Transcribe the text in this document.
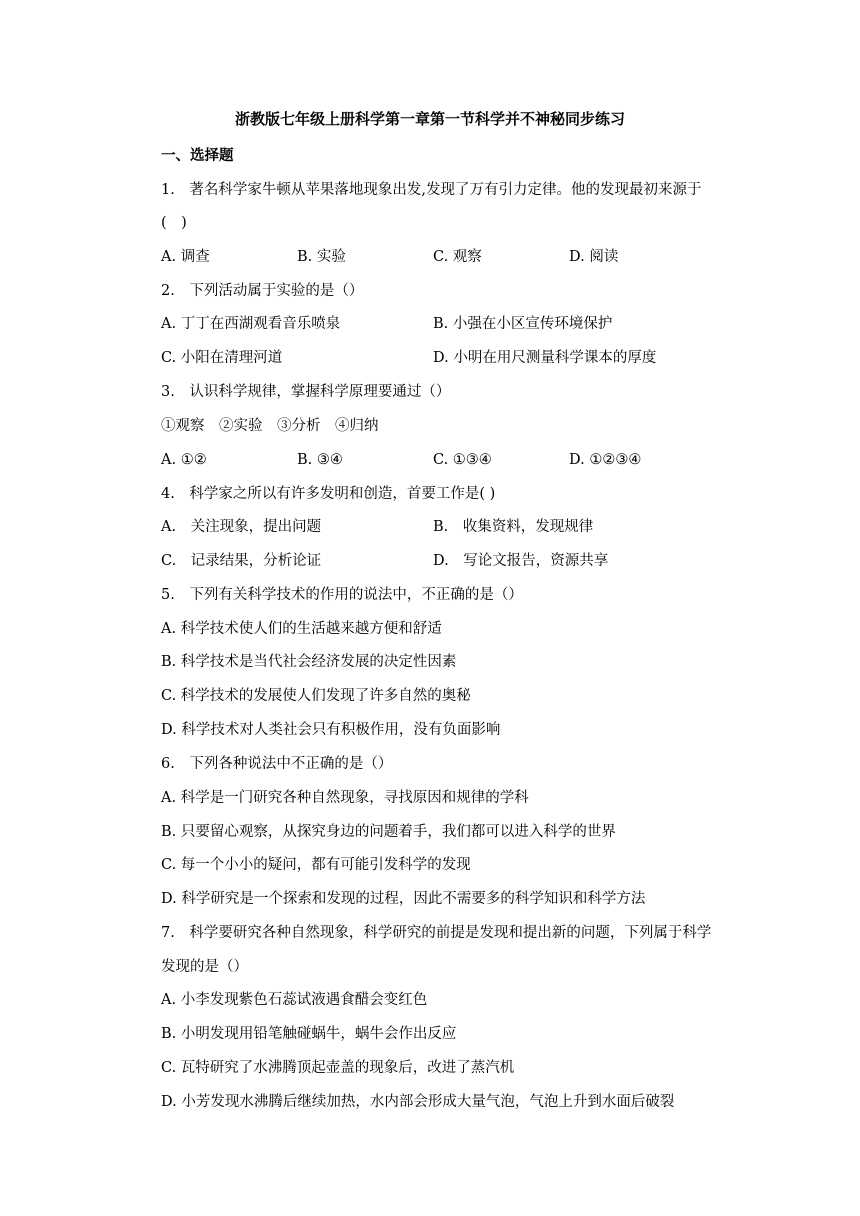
浙教版七年级上册科学第一章第一节科学并不神秘同步练习
一、选择题
1.　著名科学家牛顿从苹果落地现象出发,发现了万有引力定律。他的发现最初来源于
(　)
A. 调查	B. 实验	C. 观察	D. 阅读
2.　下列活动属于实验的是（）
A. 丁丁在西湖观看音乐喷泉	B. 小强在小区宣传环境保护
C. 小阳在清理河道	D. 小明在用尺测量科学课本的厚度
3.　认识科学规律，掌握科学原理要通过（）
①观察　②实验　③分析　④归纳
A. ①②	B. ③④	C. ①③④	D. ①②③④
4.　科学家之所以有许多发明和创造，首要工作是( )
A.　关注现象，提出问题	B.　收集资料，发现规律
C.　记录结果，分析论证	D.　写论文报告，资源共享
5.　下列有关科学技术的作用的说法中，不正确的是（）
A. 科学技术使人们的生活越来越方便和舒适
B. 科学技术是当代社会经济发展的决定性因素
C. 科学技术的发展使人们发现了许多自然的奥秘
D. 科学技术对人类社会只有积极作用，没有负面影响
6.　下列各种说法中不正确的是（）
A. 科学是一门研究各种自然现象，寻找原因和规律的学科
B. 只要留心观察，从探究身边的问题着手，我们都可以进入科学的世界
C. 每一个小小的疑问，都有可能引发科学的发现
D. 科学研究是一个探索和发现的过程，因此不需要多的科学知识和科学方法
7.　科学要研究各种自然现象，科学研究的前提是发现和提出新的问题，下列属于科学
发现的是（）
A. 小李发现紫色石蕊试液遇食醋会变红色
B. 小明发现用铅笔触碰蜗牛，蜗牛会作出反应
C. 瓦特研究了水沸腾顶起壶盖的现象后，改进了蒸汽机
D. 小芳发现水沸腾后继续加热，水内部会形成大量气泡，气泡上升到水面后破裂
